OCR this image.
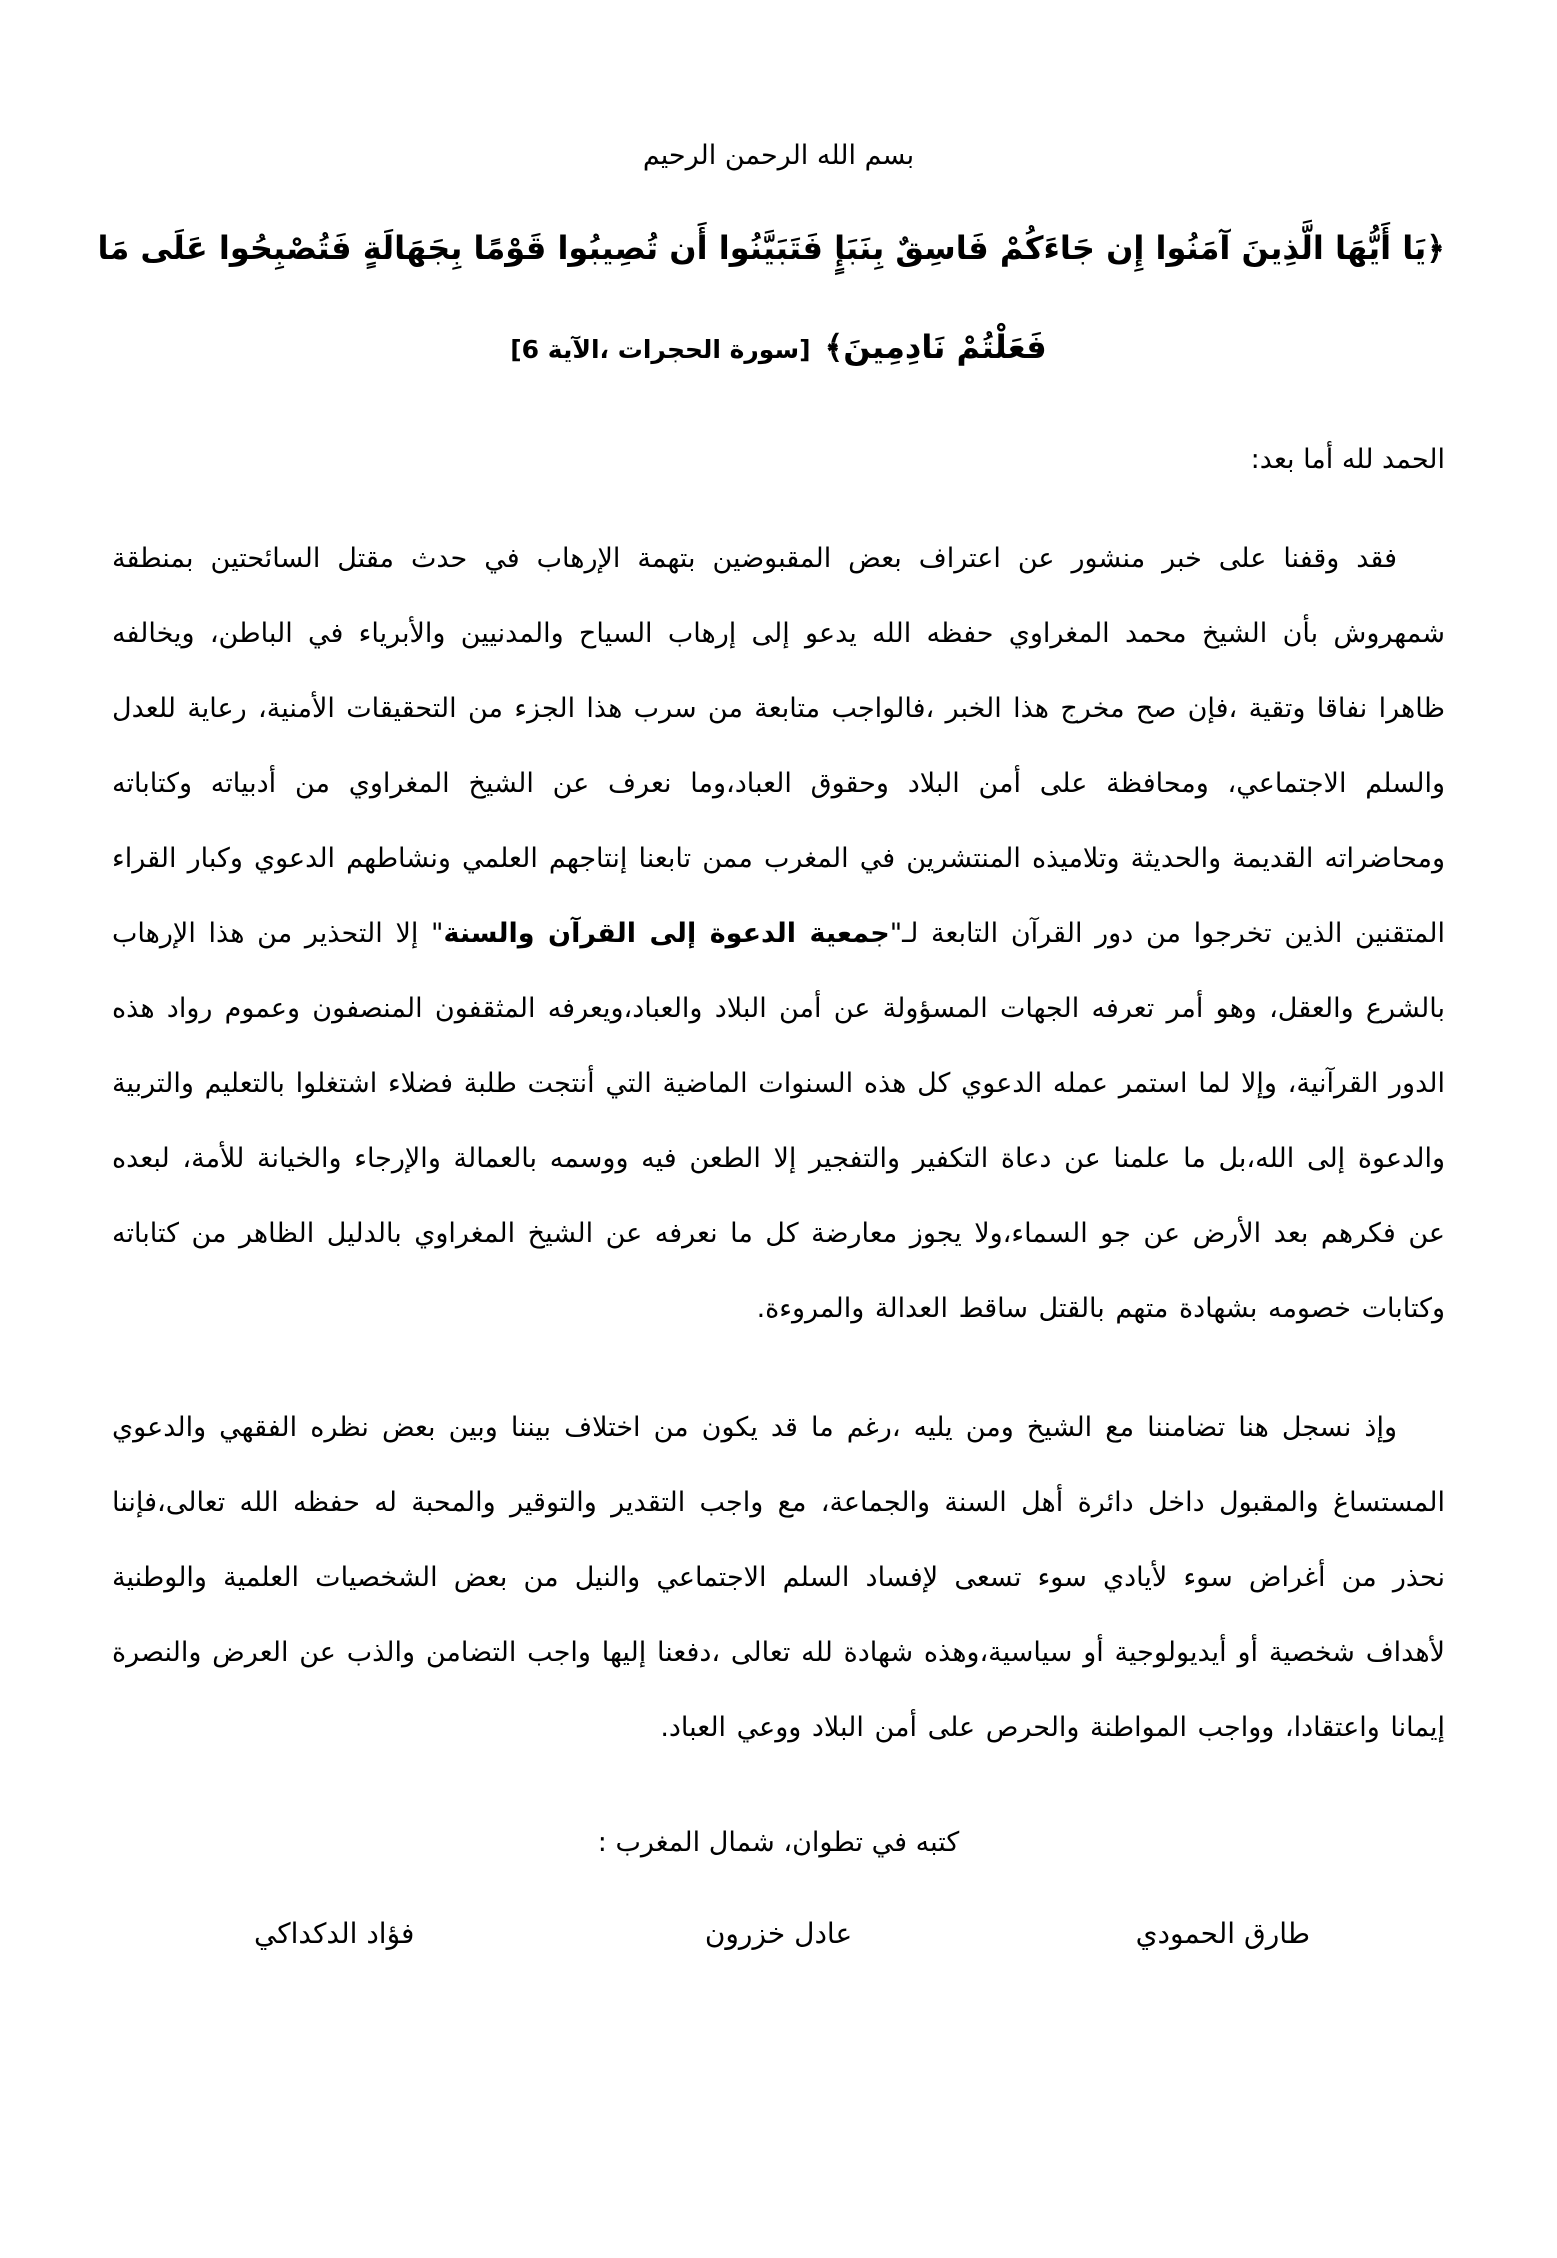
بسم الله الرحمن الرحيم
﴿يَا أَيُّهَا الَّذِينَ آمَنُوا إِن جَاءَكُمْ فَاسِقٌ بِنَبَإٍ فَتَبَيَّنُوا أَن تُصِيبُوا قَوْمًا بِجَهَالَةٍ فَتُصْبِحُوا عَلَى مَا
فَعَلْتُمْ نَادِمِينَ﴾[سورة الحجرات ،الآية 6]
الحمد لله أما بعد:

فقد وقفنا على خبر منشور عن اعتراف بعض المقبوضين بتهمة الإرهاب في حدث مقتل السائحتين بمنطقة شمهروش بأن الشيخ محمد المغراوي حفظه الله يدعو إلى إرهاب السياح والمدنيين والأبرياء في الباطن، ويخالفه ظاهرا نفاقا وتقية ،فإن صح مخرج هذا الخبر ،فالواجب متابعة من سرب هذا الجزء من التحقيقات الأمنية، رعاية للعدل والسلم الاجتماعي، ومحافظة على أمن البلاد وحقوق العباد،وما نعرف عن الشيخ المغراوي من أدبياته وكتاباته ومحاضراته القديمة والحديثة وتلاميذه المنتشرين في المغرب ممن تابعنا إنتاجهم العلمي ونشاطهم الدعوي وكبار القراء المتقنين الذين تخرجوا من دور القرآن التابعة لـ"جمعية الدعوة إلى القرآن والسنة" إلا التحذير من هذا الإرهاب بالشرع والعقل، وهو أمر تعرفه الجهات المسؤولة عن أمن البلاد والعباد،ويعرفه المثقفون المنصفون وعموم رواد هذه الدور القرآنية، وإلا لما استمر عمله الدعوي كل هذه السنوات الماضية التي أنتجت طلبة فضلاء اشتغلوا بالتعليم والتربية والدعوة إلى الله،بل ما علمنا عن دعاة التكفير والتفجير إلا الطعن فيه ووسمه بالعمالة والإرجاء والخيانة للأمة، لبعده عن فكرهم بعد الأرض عن جو السماء،ولا يجوز معارضة كل ما نعرفه عن الشيخ المغراوي بالدليل الظاهر من كتاباته وكتابات خصومه بشهادة متهم بالقتل ساقط العدالة والمروءة.

وإذ نسجل هنا تضامننا مع الشيخ ومن يليه ،رغم ما قد يكون من اختلاف بيننا وبين بعض نظره الفقهي والدعوي المستساغ والمقبول داخل دائرة أهل السنة والجماعة، مع واجب التقدير والتوقير والمحبة له حفظه الله تعالى،فإننا نحذر من أغراض سوء لأيادي سوء تسعى لإفساد السلم الاجتماعي والنيل من بعض الشخصيات العلمية والوطنية لأهداف شخصية أو أيديولوجية أو سياسية،وهذه شهادة لله تعالى ،دفعنا إليها واجب التضامن والذب عن العرض والنصرة إيمانا واعتقادا، وواجب المواطنة والحرص على أمن البلاد ووعي العباد.

كتبه في تطوان، شمال المغرب :
طارق الحمودي
عادل خزرون
فؤاد الدكداكي
